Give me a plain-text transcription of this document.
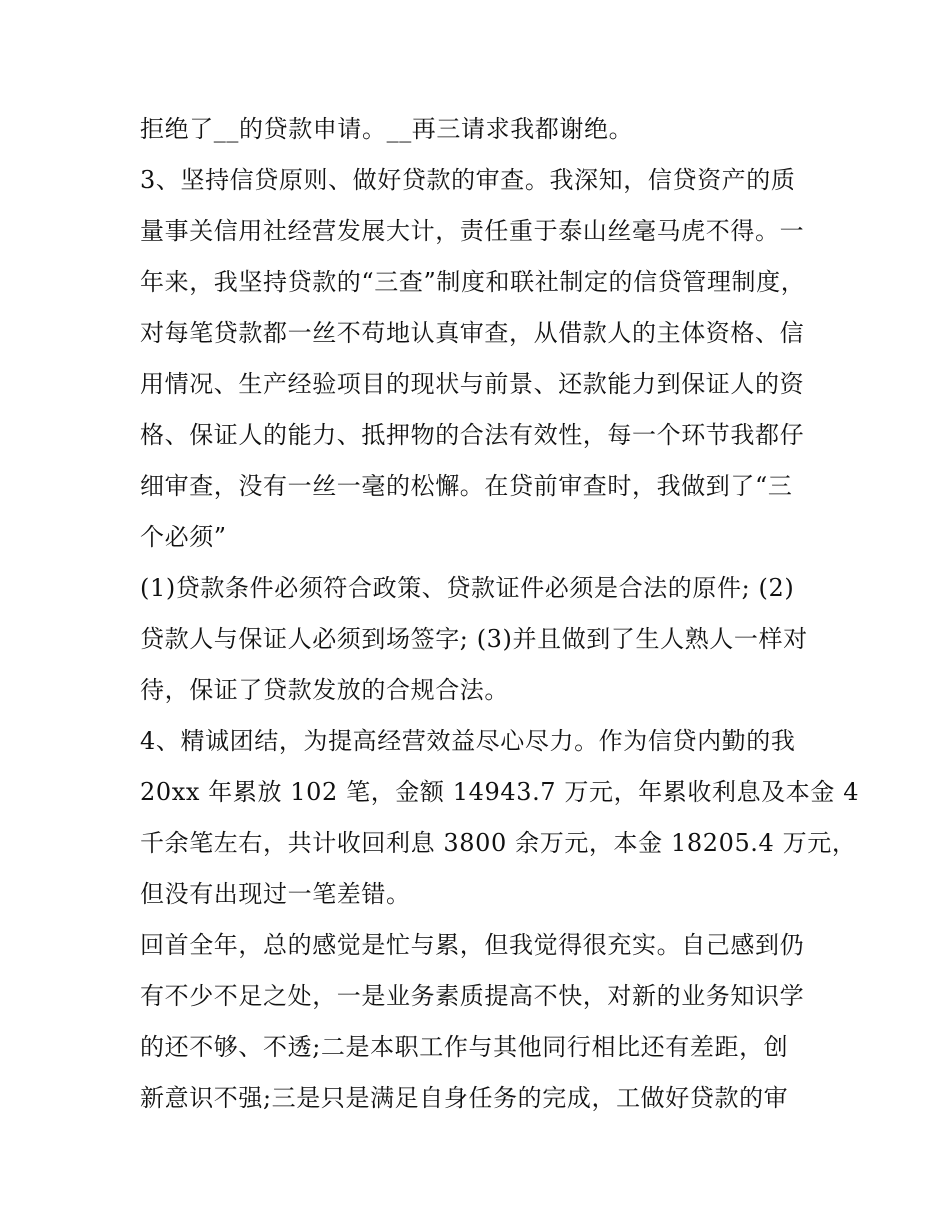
拒绝了__的贷款申请。__再三请求我都谢绝。
3、坚持信贷原则、做好贷款的审查。我深知，信贷资产的质
量事关信用社经营发展大计，责任重于泰山丝毫马虎不得。一
年来，我坚持贷款的“三查”制度和联社制定的信贷管理制度，
对每笔贷款都一丝不苟地认真审查，从借款人的主体资格、信
用情况、生产经验项目的现状与前景、还款能力到保证人的资
格、保证人的能力、抵押物的合法有效性，每一个环节我都仔
细审查，没有一丝一毫的松懈。在贷前审查时，我做到了“三
个必须”
(1)贷款条件必须符合政策、贷款证件必须是合法的原件; (2)
贷款人与保证人必须到场签字; (3)并且做到了生人熟人一样对
待，保证了贷款发放的合规合法。
4、精诚团结，为提高经营效益尽心尽力。作为信贷内勤的我
20xx 年累放 102 笔，金额 14943.7 万元，年累收利息及本金 4
千余笔左右，共计收回利息 3800 余万元，本金 18205.4 万元，
但没有出现过一笔差错。
回首全年，总的感觉是忙与累，但我觉得很充实。自己感到仍
有不少不足之处，一是业务素质提高不快，对新的业务知识学
的还不够、不透;二是本职工作与其他同行相比还有差距，创
新意识不强;三是只是满足自身任务的完成，工做好贷款的审
